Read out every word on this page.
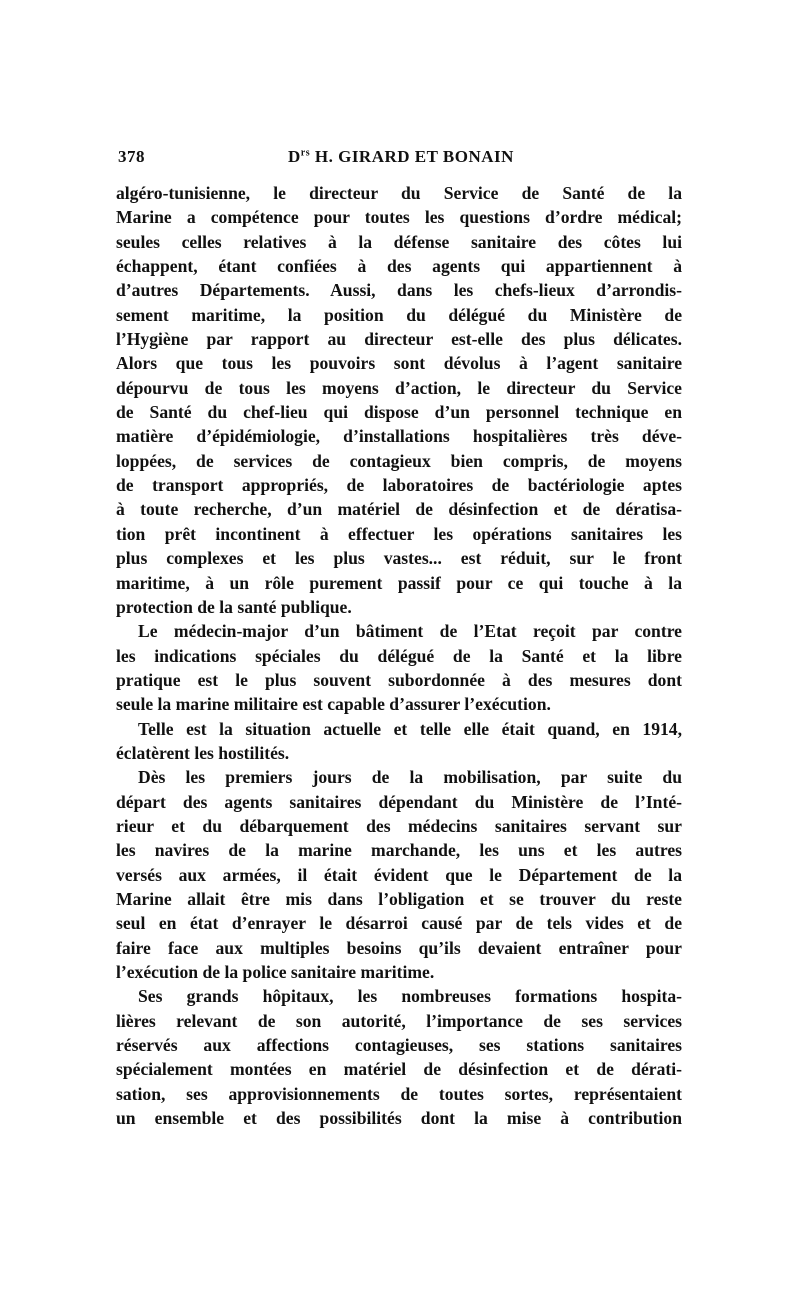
378	$D^{rs}$ H. GIRARD ET BONAIN
algéro-tunisienne, le directeur du Service de Santé de la
Marine a compétence pour toutes les questions d’ordre médical;
seules celles relatives à la défense sanitaire des côtes lui
échappent, étant confiées à des agents qui appartiennent à
d’autres Départements. Aussi, dans les chefs-lieux d’arrondis-
sement maritime, la position du délégué du Ministère de
l’Hygiène par rapport au directeur est-elle des plus délicates.
Alors que tous les pouvoirs sont dévolus à l’agent sanitaire
dépourvu de tous les moyens d’action, le directeur du Service
de Santé du chef-lieu qui dispose d’un personnel technique en
matière d’épidémiologie, d’installations hospitalières très déve-
loppées, de services de contagieux bien compris, de moyens
de transport appropriés, de laboratoires de bactériologie aptes
à toute recherche, d’un matériel de désinfection et de dératisa-
tion prêt incontinent à effectuer les opérations sanitaires les
plus complexes et les plus vastes... est réduit, sur le front
maritime, à un rôle purement passif pour ce qui touche à la
protection de la santé publique.
Le médecin-major d’un bâtiment de l’Etat reçoit par contre
les indications spéciales du délégué de la Santé et la libre
pratique est le plus souvent subordonnée à des mesures dont
seule la marine militaire est capable d’assurer l’exécution.
Telle est la situation actuelle et telle elle était quand, en 1914,
éclatèrent les hostilités.
Dès les premiers jours de la mobilisation, par suite du
départ des agents sanitaires dépendant du Ministère de l’Inté-
rieur et du débarquement des médecins sanitaires servant sur
les navires de la marine marchande, les uns et les autres
versés aux armées, il était évident que le Département de la
Marine allait être mis dans l’obligation et se trouver du reste
seul en état d’enrayer le désarroi causé par de tels vides et de
faire face aux multiples besoins qu’ils devaient entraîner pour
l’exécution de la police sanitaire maritime.
Ses grands hôpitaux, les nombreuses formations hospita-
lières relevant de son autorité, l’importance de ses services
réservés aux affections contagieuses, ses stations sanitaires
spécialement montées en matériel de désinfection et de dérati-
sation, ses approvisionnements de toutes sortes, représentaient
un ensemble et des possibilités dont la mise à contribution
